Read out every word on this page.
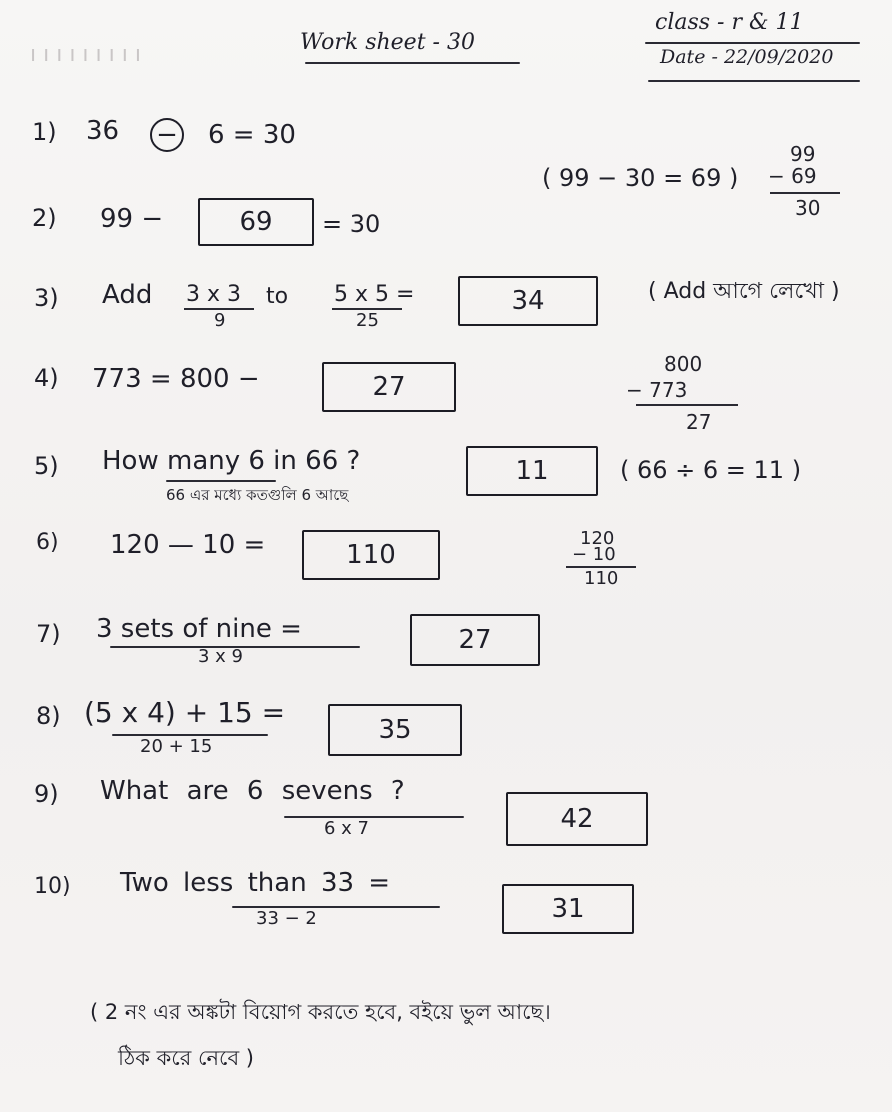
ı ı ı ı ı ı ı ı ı	Work sheet - 30
class - r & 11
Date - 22/09/2020
1) 36 − 6 = 30
2) 99 −	69	= 30
( 99 − 30 = 69 )
99
− 69
30
3) Add 3 x 3
9
to 5 x 5 =
25
34	( Add আগে লেখো )
4) 773 = 800 −	27
800
− 773
27
5) How many 6 in 66 ?
66 এর মধ্যে কতগুলি 6 আছে
11	( 66 ÷ 6 = 11 )
6) 120 — 10 =	110
120
− 10
110
7) 3 sets of nine =
3 x 9
27
8) (5 x 4) + 15 =
20 + 15
35
9) What are 6 sevens ?
6 x 7	42
10) Two less than 33 =
33 − 2	31
( 2 নং এর অঙ্কটা বিয়োগ করতে হবে, বইয়ে ভুল আছে।
ঠিক করে নেবে )
